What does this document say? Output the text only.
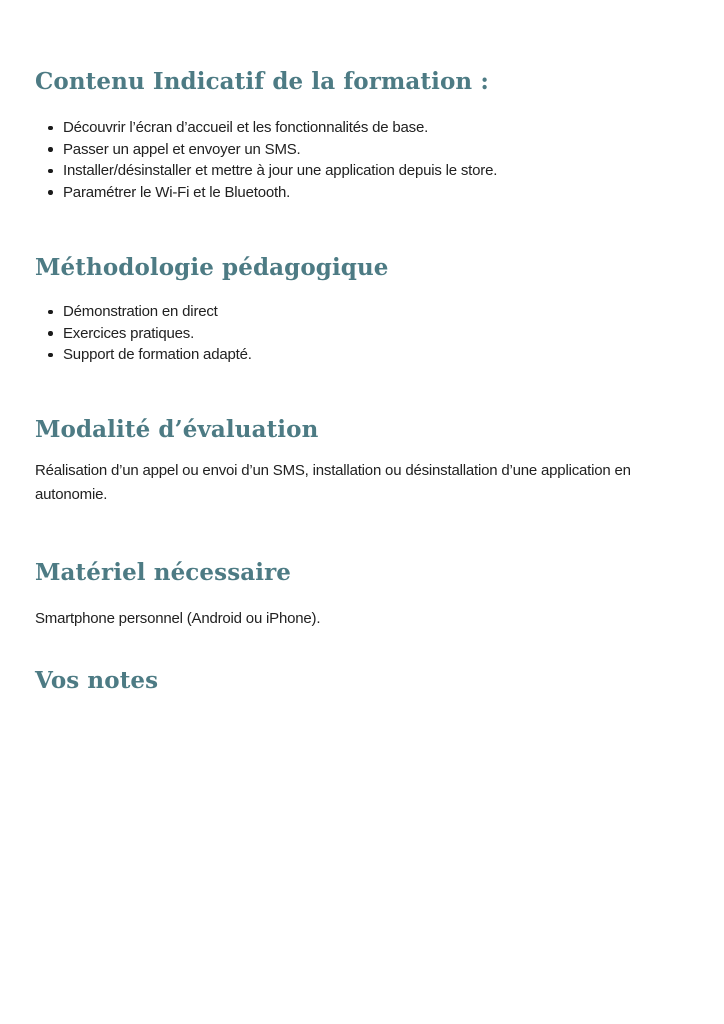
Contenu Indicatif de la formation :
Découvrir l’écran d’accueil et les fonctionnalités de base.
Passer un appel et envoyer un SMS.
Installer/désinstaller et mettre à jour une application depuis le store.
Paramétrer le Wi-Fi et le Bluetooth.
Méthodologie pédagogique
Démonstration en direct
Exercices pratiques.
Support de formation adapté.
Modalité d’évaluation

Réalisation d’un appel ou envoi d’un SMS, installation ou désinstallation d’une application en autonomie.

Matériel nécessaire

Smartphone personnel (Android ou iPhone).

Vos notes
